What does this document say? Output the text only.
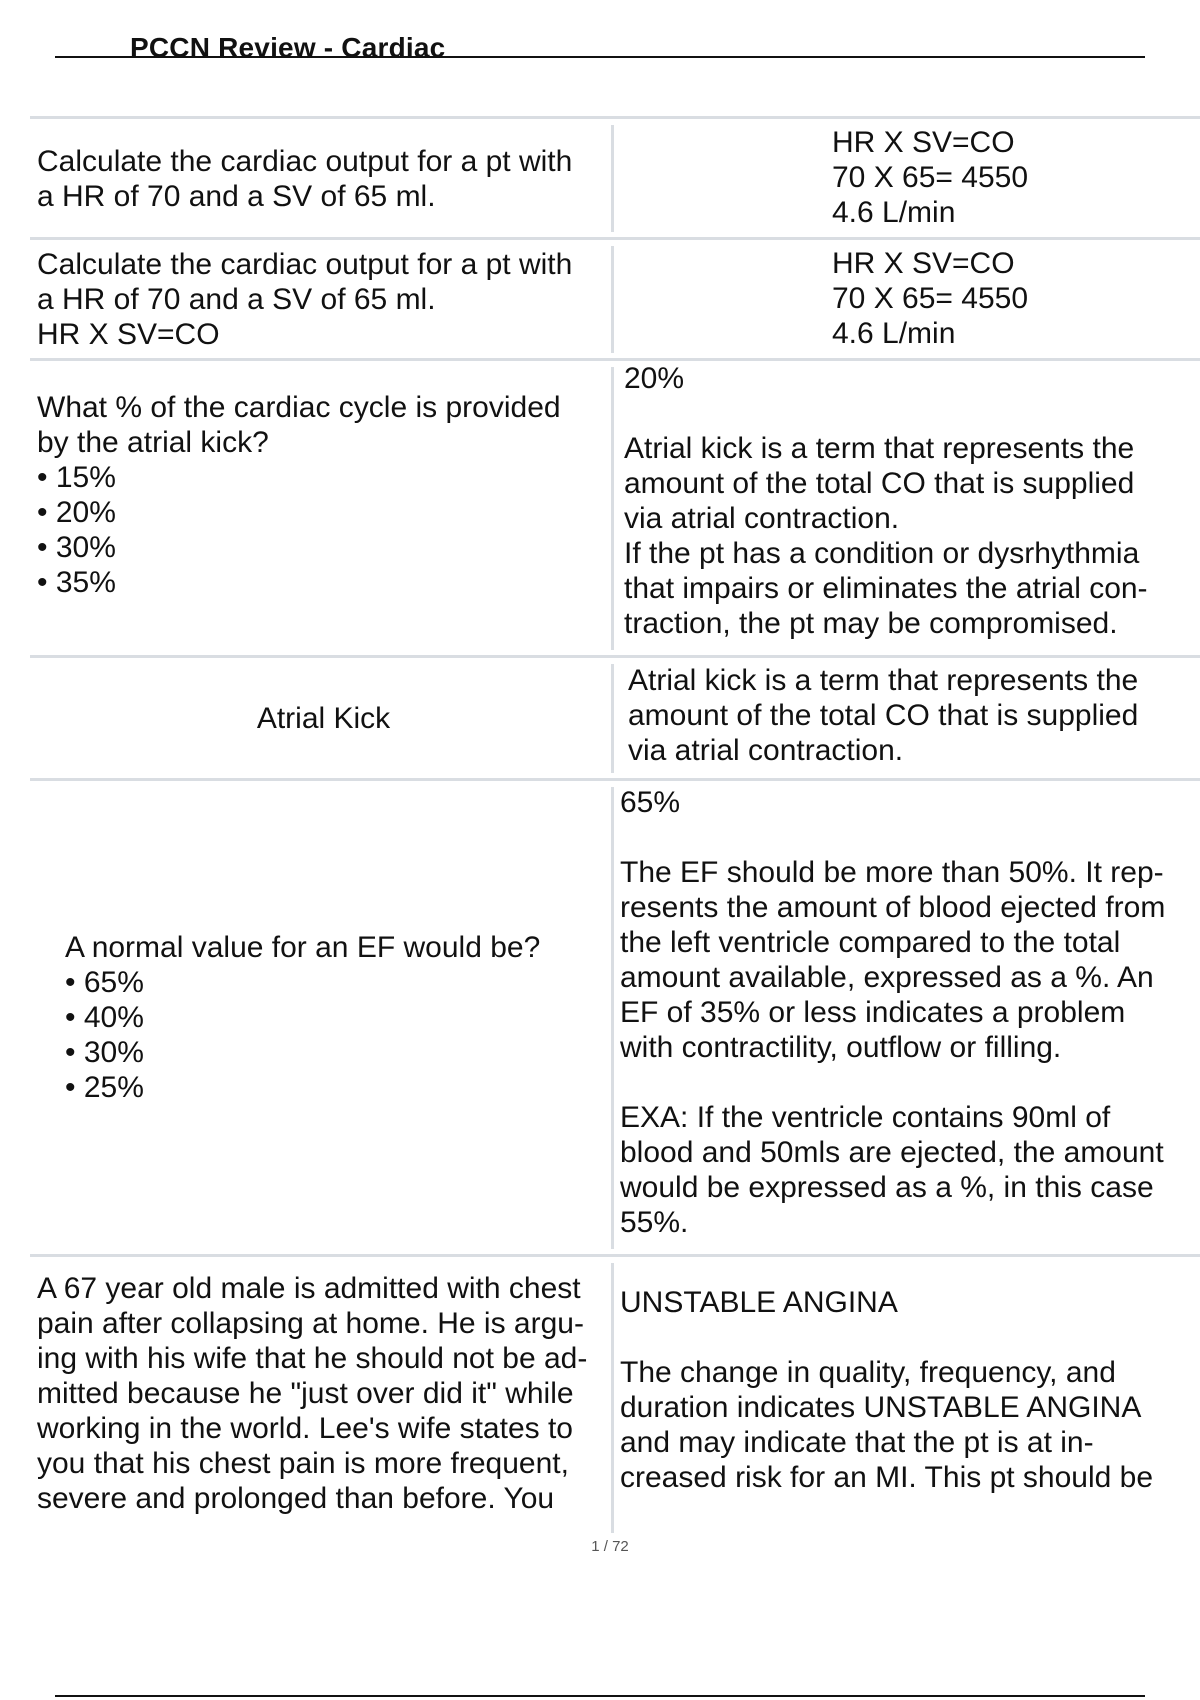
PCCN Review - Cardiac

Calculate the cardiac output for a pt with

a HR of 70 and a SV of 65 ml.

HR X SV=CO

70 X 65= 4550

4.6 L/min

Calculate the cardiac output for a pt with

a HR of 70 and a SV of 65 ml.

HR X SV=CO

HR X SV=CO

70 X 65= 4550

4.6 L/min

What % of the cardiac cycle is provided

by the atrial kick?

• 15%
• 20%
• 30%
• 35%

20%

Atrial kick is a term that represents the

amount of the total CO that is supplied

via atrial contraction.

If the pt has a condition or dysrhythmia

that impairs or eliminates the atrial con-

traction, the pt may be compromised.

Atrial Kick

Atrial kick is a term that represents the

amount of the total CO that is supplied

via atrial contraction.

A normal value for an EF would be?

• 65%
• 40%
• 30%
• 25%

65%

The EF should be more than 50%. It rep-

resents the amount of blood ejected from

the left ventricle compared to the total

amount available, expressed as a %. An

EF of 35% or less indicates a problem

with contractility, outflow or filling.

EXA: If the ventricle contains 90ml of

blood and 50mls are ejected, the amount

would be expressed as a %, in this case

55%.

A 67 year old male is admitted with chest

pain after collapsing at home. He is argu-

ing with his wife that he should not be ad-

mitted because he "just over did it" while

working in the world. Lee's wife states to

you that his chest pain is more frequent,

severe and prolonged than before. You

UNSTABLE ANGINA

The change in quality, frequency, and

duration indicates UNSTABLE ANGINA

and may indicate that the pt is at in-

creased risk for an MI. This pt should be

1 / 72
